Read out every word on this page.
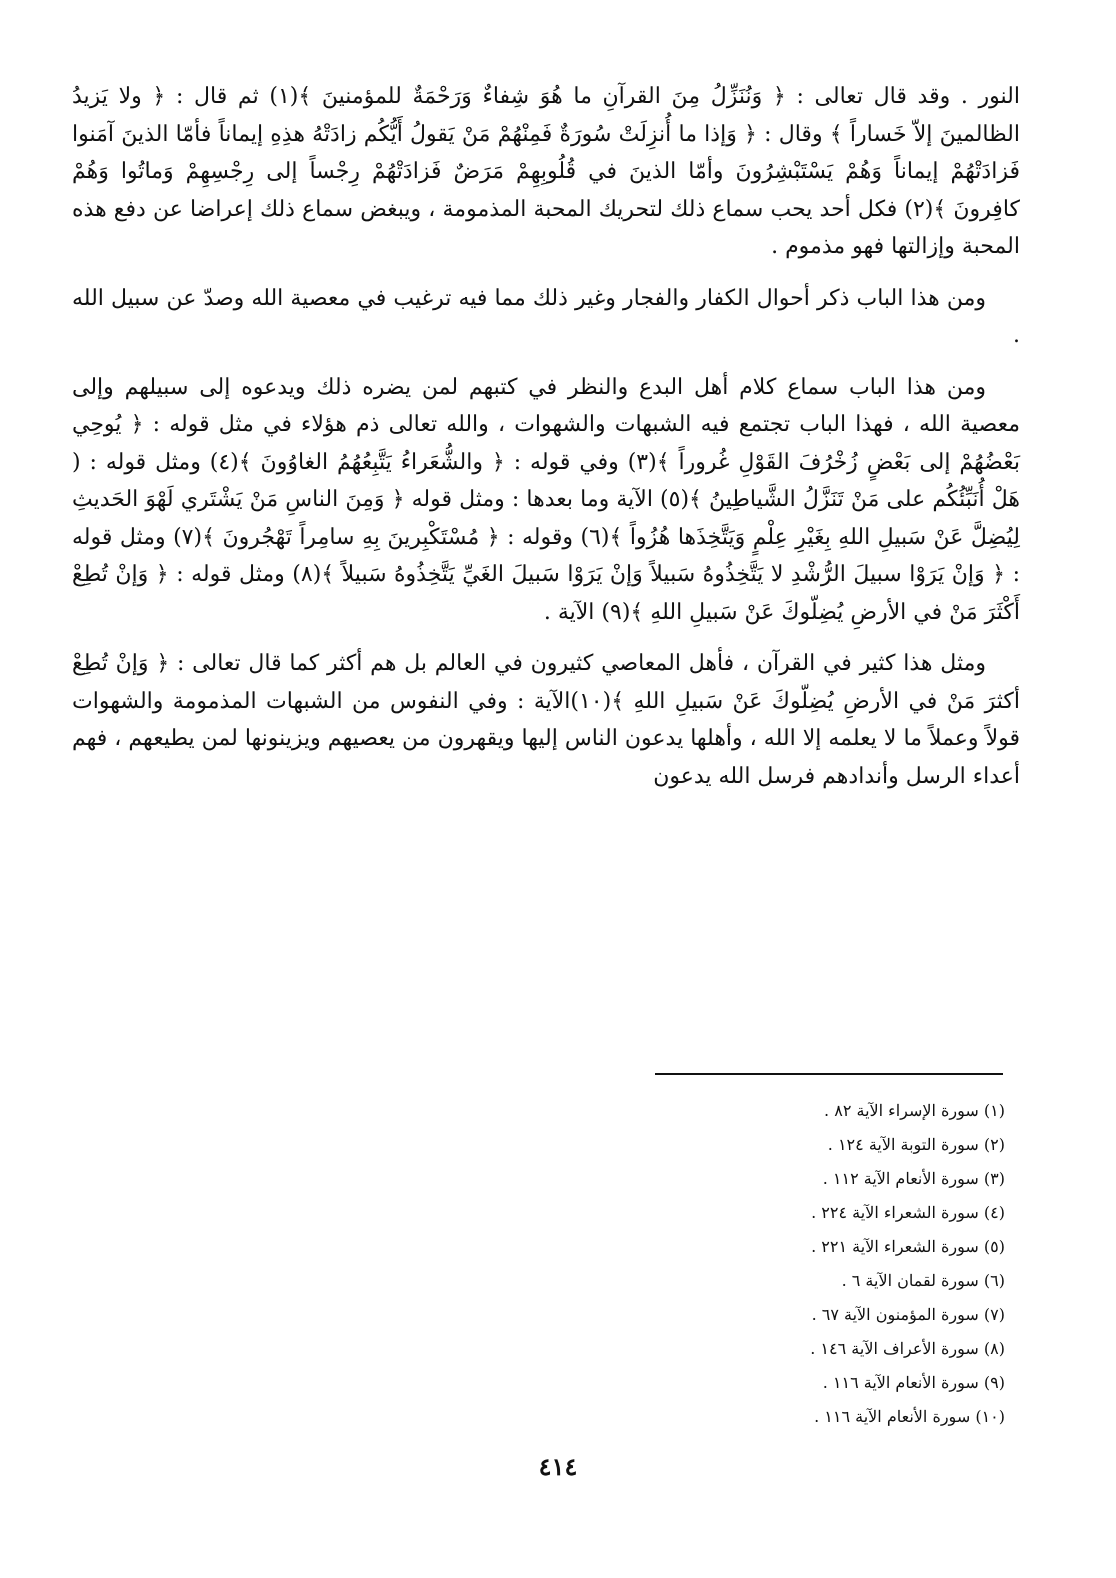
النور . وقد قال تعالى : ﴿ وَنُنَزِّلُ مِنَ القرآنِ ما هُوَ شِفاءٌ وَرَحْمَةٌ للمؤمنينَ ﴾(١) ثم قال : ﴿ ولا يَزيدُ الظالمينَ إلاّ خَساراً ﴾ وقال : ﴿ وَإذا ما أُنزِلَتْ سُورَةٌ فَمِنْهُمْ مَنْ يَقولُ أَيُّكُم زادَتْهُ هذِهِ إيماناً فأمّا الذينَ آمَنوا فَزادَتْهُمْ إيماناً وَهُمْ يَسْتَبْشِرُونَ وأمّا الذينَ في قُلُوبِهِمْ مَرَضٌ فَزادَتْهُمْ رِجْساً إلى رِجْسِهِمْ وَماتُوا وَهُمْ كافِرونَ ﴾(٢) فكل أحد يحب سماع ذلك لتحريك المحبة المذمومة ، ويبغض سماع ذلك إعراضا عن دفع هذه المحبة وإزالتها فهو مذموم .

ومن هذا الباب ذكر أحوال الكفار والفجار وغير ذلك مما فيه ترغيب في معصية الله وصدّ عن سبيل الله .

ومن هذا الباب سماع كلام أهل البدع والنظر في كتبهم لمن يضره ذلك ويدعوه إلى سبيلهم وإلى معصية الله ، فهذا الباب تجتمع فيه الشبهات والشهوات ، والله تعالى ذم هؤلاء في مثل قوله : ﴿ يُوحِي بَعْضُهُمْ إلى بَعْضٍ زُخْرُفَ القَوْلِ غُروراً ﴾(٣) وفي قوله : ﴿ والشُّعَراءُ يَتَّبِعُهُمُ الغاوُونَ ﴾(٤) ومثل قوله : ( هَلْ أُنَبِّئُكُم على مَنْ تَنَزَّلُ الشَّياطِينُ ﴾(٥) الآية وما بعدها : ومثل قوله ﴿ وَمِنَ الناسِ مَنْ يَشْتَري لَهْوَ الحَديثِ لِيُضِلَّ عَنْ سَبيلِ اللهِ بِغَيْرِ عِلْمٍ وَيَتَّخِذَها هُزُواً ﴾(٦) وقوله : ﴿ مُسْتَكْبِرينَ بِهِ سامِراً تَهْجُرونَ ﴾(٧) ومثل قوله : ﴿ وَإنْ يَرَوْا سبيلَ الرُّشْدِ لا يَتَّخِذُوهُ سَبيلاً وَإنْ يَرَوْا سَبيلَ الغَيِّ يَتَّخِذُوهُ سَبيلاً ﴾(٨) ومثل قوله : ﴿ وَإنْ تُطِعْ أَكْثَرَ مَنْ في الأرضِ يُضِلّوكَ عَنْ سَبيلِ اللهِ ﴾(٩) الآية .

ومثل هذا كثير في القرآن ، فأهل المعاصي كثيرون في العالم بل هم أكثر كما قال تعالى : ﴿ وَإنْ تُطِعْ أكثرَ مَنْ في الأرضِ يُضِلّوكَ عَنْ سَبيلِ اللهِ ﴾(١٠)الآية : وفي النفوس من الشبهات المذمومة والشهوات قولاً وعملاً ما لا يعلمه إلا الله ، وأهلها يدعون الناس إليها ويقهرون من يعصيهم ويزينونها لمن يطيعهم ، فهم أعداء الرسل وأندادهم فرسل الله يدعون

(١) سورة الإسراء الآية ٨٢ .
(٢) سورة التوبة الآية ١٢٤ .
(٣) سورة الأنعام الآية ١١٢ .
(٤) سورة الشعراء الآية ٢٢٤ .
(٥) سورة الشعراء الآية ٢٢١ .
(٦) سورة لقمان الآية ٦ .
(٧) سورة المؤمنون الآية ٦٧ .
(٨) سورة الأعراف الآية ١٤٦ .
(٩) سورة الأنعام الآية ١١٦ .
(١٠) سورة الأنعام الآية ١١٦ .
٤١٤
